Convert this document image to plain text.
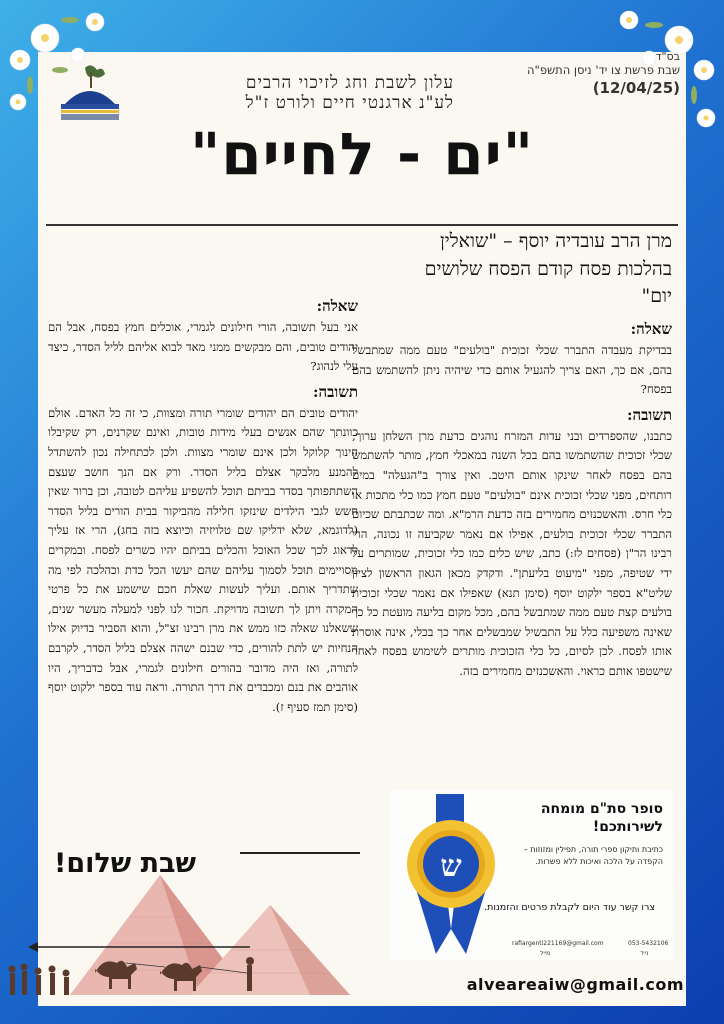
עלון לשבת וחג לזיכוי הרבים
לע"נ ארגנטי חיים ולורט ז"ל
בס"ד
שבת פרשת צו יד' ניסן התשפ"ה
(12/04/25)
"ים - לחיים"
מרן הרב עובדיה יוסף – "שואלין
בהלכות פסח קודם הפסח שלושים
יום"
שאלה:

בבדיקת מעבדה התברר שכלי זכוכית "בולעים" טעם ממה שמתבשל בהם, אם כך, האם צריך להגעיל אותם כדי שיהיה ניתן להשתמש בהם בפסח?

תשובה:

כתבנו, שהספרדים ובני עדות המזרח נוהגים כדעת מרן השלחן ערוך, שכלי זכוכית שהשתמשו בהם בכל השנה במאכלי חמץ, מותר להשתמש בהם בפסח לאחר שינקו אותם היטב. ואין צורך ב"הגעלה" במים רותחים, מפני שכלי זכוכית אינם "בולעים" טעם חמץ כמו כלי מתכות או כלי חרס. והאשכנזים מחמירים בזה כדעת הרמ"א. ומה שכתבתם שכיום התברר שכלי זכוכית בולעים, אפילו אם נאמר שקביעה זו נכונה, הרי רבינו הר"ן (פסחים לז:) כתב, שיש כלים כמו כלי זכוכית, שמותרים על ידי שטיפה, מפני "מיעוט בליעתן". ודקדק מכאן הגאון הראשון לציון שליט"א בספר ילקוט יוסף (סימן תנא) שאפילו אם נאמר שכלי זכוכית בולעים קצת טעם ממה שמתבשל בהם, מכל מקום בליעה מועטת כל כך שאינה משפיעה כלל על התבשיל שמבשלים אחר כך בכלי, אינה אוסרת אותו לפסח. לכן לסיום, כל כלי הזכוכית מותרים לשימוש בפסח לאחר שישטפו אותם כראוי. והאשכנזים מחמירים בזה.

שאלה:

אני בעל תשובה, הורי חילונים לגמרי, אוכלים חמץ בפסח, אבל הם יהודים טובים, והם מבקשים ממני מאד לבוא אליהם לליל הסדר, כיצד עלי לנהוג?

תשובה:

יהודים טובים הם יהודים שומרי תורה ומצוות, כי זה כל האדם. אולם כוונתך שהם אנשים בעלי מידות טובות, ואינם שקרנים, רק שקיבלו חינוך קלוקל ולכן אינם שומרי מצוות. ולכן לכתחילה נכון להשתדל להמנע מלבקר אצלם בליל הסדר. ורק אם הנך חושב שעצם השתתפותך בסדר בביתם תוכל להשפיע עליהם לטובה, וכן ברור שאין חשש לגבי הילדים שינזקו חלילה מהביקור בבית הורים בליל הסדר (לדוגמא, שלא ידליקו שם טלויזיה וכיוצא בזה בחג), הרי אז עליך לדאוג לכך שכל האוכל והכלים בביתם יהיו כשרים לפסח. ובמקרים מסויימים תוכל לסמוך עליהם שהם יעשו הכל כדת וכהלכה לפי מה שתדריך אותם. ועליך לעשות שאלת חכם שישמע את כל פרטי המקרה ויתן לך תשובה מדויקת. חכור לנו לפני למעלה מעשר שנים, ששאלנו שאלה כזו ממש את מרן רבינו זצ"ל, והוא הסביר בדיוק אילו הנחיות יש לתת להורים, כדי שבנם ישהה אצלם בליל הסדר, לקרבם לתורה, ואז היה מדובר בהורים חילונים לגמרי, אבל כדבריך, היו אוהבים את בנם ומכבדים את דרך התורה. וראה עוד בספר ילקוט יוסף (סימן תמז סעיף ז).

שבת שלום!	ש
סופר סת"ם מומחה
לשירותכם!
כתיבת ותיקון ספרי תורה, תפילין ומזוזות –
הקפדה על הלכה ואיכות ללא פשרות.
צרו קשר עוד היום לקבלת פרטים והזמנות.
rafiargenti221169@gmail.com
מייל
053-5432106
נייד
alveareaiw@gmail.com
